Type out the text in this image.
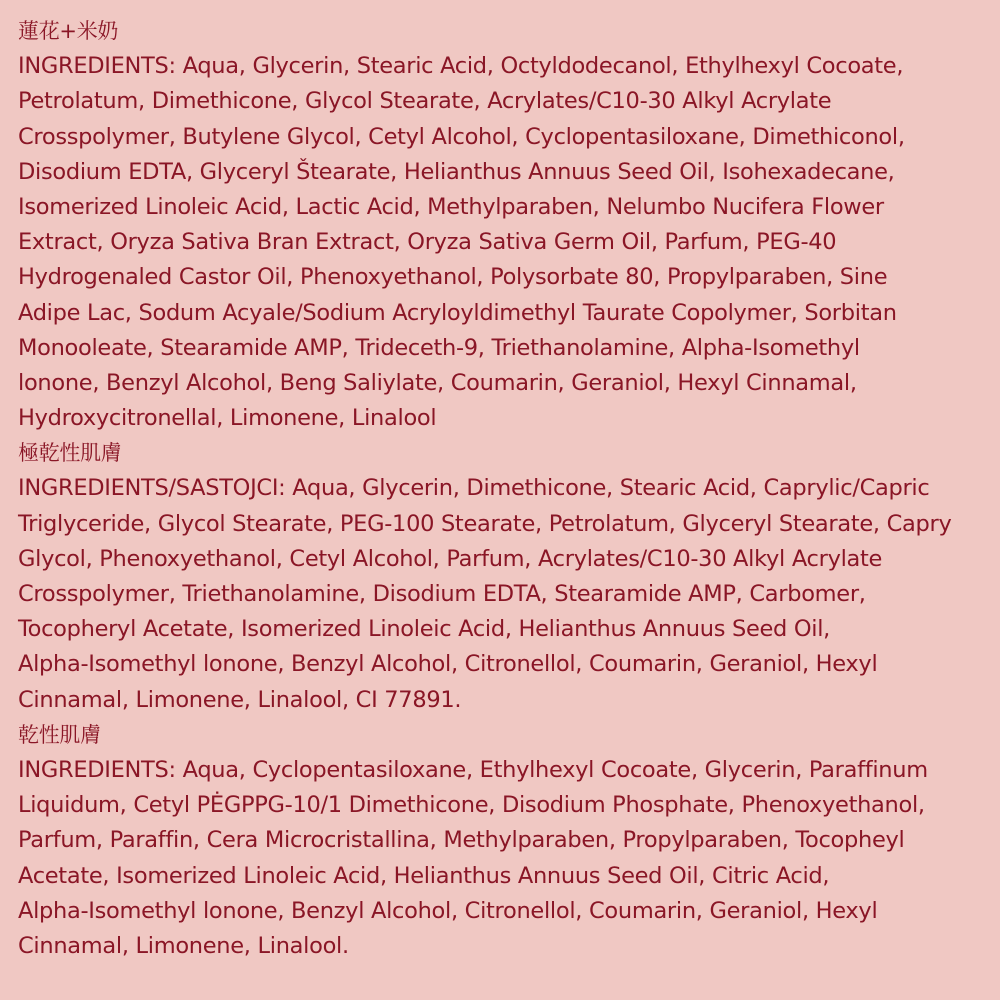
蓮花+米奶
INGREDIENTS: Aqua, Glycerin, Stearic Acid, Octyldodecanol, Ethylhexyl Cocoate,
Petrolatum, Dimethicone, Glycol Stearate, Acrylates/C10-30 Alkyl Acrylate
Crosspolymer, Butylene Glycol, Cetyl Alcohol, Cyclopentasiloxane, Dimethiconol,
Disodium EDTA, Glyceryl Štearate, Helianthus Annuus Seed Oil, Isohexadecane,
Isomerized Linoleic Acid, Lactic Acid, Methylparaben, Nelumbo Nucifera Flower
Extract, Oryza Sativa Bran Extract, Oryza Sativa Germ Oil, Parfum, PEG-40
Hydrogenaled Castor Oil, Phenoxyethanol, Polysorbate 80, Propylparaben, Sine
Adipe Lac, Sodum Acyale/Sodium Acryloyldimethyl Taurate Copolymer, Sorbitan
Monooleate, Stearamide AMP, Trideceth-9, Triethanolamine, Alpha-Isomethyl
lonone, Benzyl Alcohol, Beng Saliylate, Coumarin, Geraniol, Hexyl Cinnamal,
Hydroxycitronellal, Limonene, Linalool
極乾性肌膚
INGREDIENTS/SASTOJCI: Aqua, Glycerin, Dimethicone, Stearic Acid, Caprylic/Capric
Triglyceride, Glycol Stearate, PEG-100 Stearate, Petrolatum, Glyceryl Stearate, Capry
Glycol, Phenoxyethanol, Cetyl Alcohol, Parfum, Acrylates/C10-30 Alkyl Acrylate
Crosspolymer, Triethanolamine, Disodium EDTA, Stearamide AMP, Carbomer,
Tocopheryl Acetate, Isomerized Linoleic Acid, Helianthus Annuus Seed Oil,
Alpha-Isomethyl lonone, Benzyl Alcohol, Citronellol, Coumarin, Geraniol, Hexyl
Cinnamal, Limonene, Linalool, CI 77891.
乾性肌膚
INGREDIENTS: Aqua, Cyclopentasiloxane, Ethylhexyl Cocoate, Glycerin, Paraffinum
Liquidum, Cetyl PĖGPPG-10/1 Dimethicone, Disodium Phosphate, Phenoxyethanol,
Parfum, Paraffin, Cera Microcristallina, Methylparaben, Propylparaben, Tocopheyl
Acetate, Isomerized Linoleic Acid, Helianthus Annuus Seed Oil, Citric Acid,
Alpha-Isomethyl lonone, Benzyl Alcohol, Citronellol, Coumarin, Geraniol, Hexyl
Cinnamal, Limonene, Linalool.
